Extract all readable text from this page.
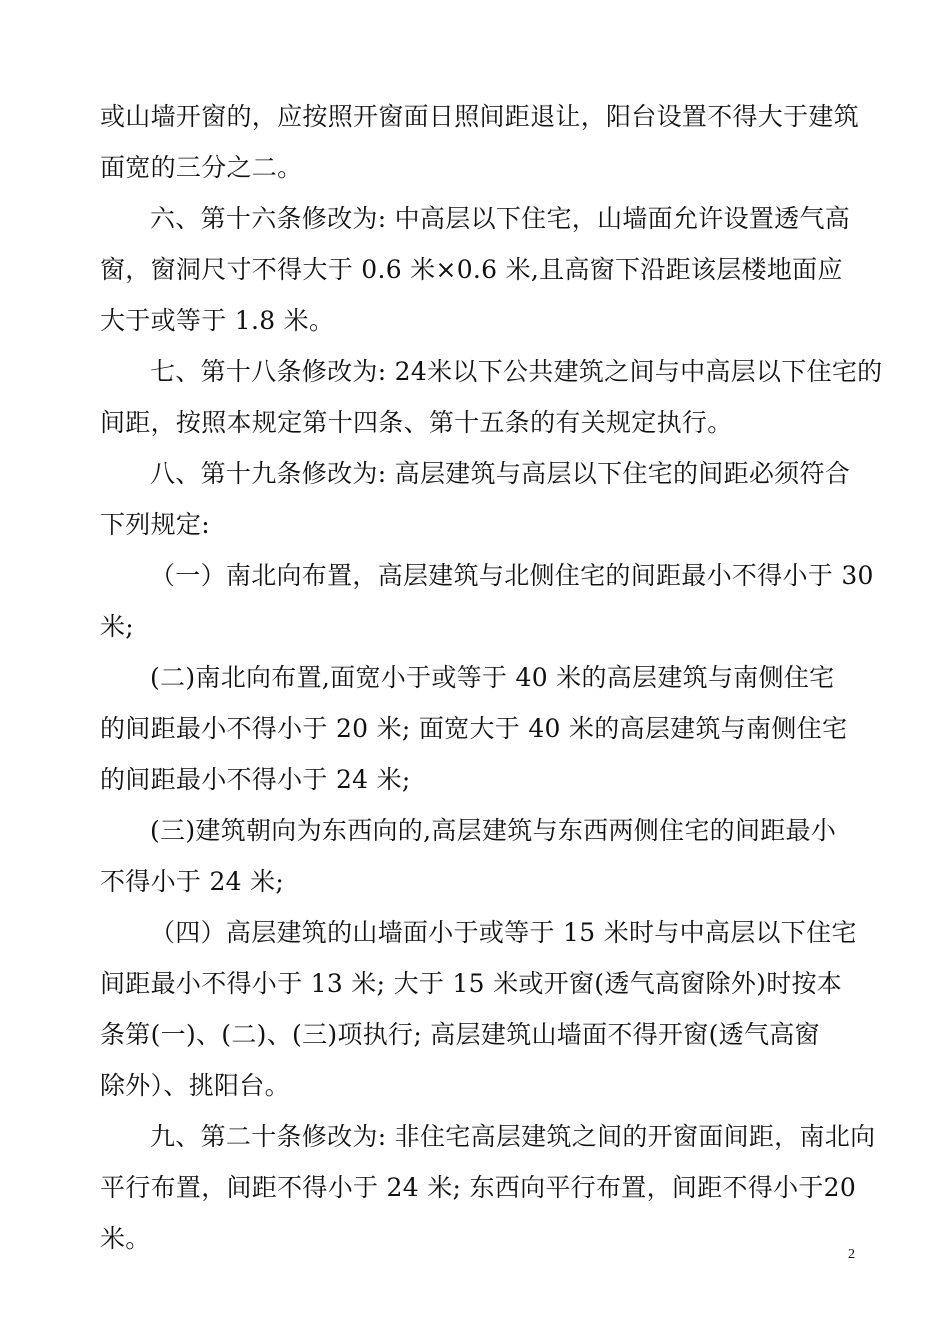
或山墙开窗的，应按照开窗面日照间距退让，阳台设置不得大于建筑
面宽的三分之二。
六、第十六条修改为: 中高层以下住宅，山墙面允许设置透气高
窗，窗洞尺寸不得大于 0.6 米×0.6 米,且高窗下沿距该层楼地面应
大于或等于 1.8 米。
七、第十八条修改为: 24米以下公共建筑之间与中高层以下住宅的
间距，按照本规定第十四条、第十五条的有关规定执行。
八、第十九条修改为: 高层建筑与高层以下住宅的间距必须符合
下列规定:
（一）南北向布置，高层建筑与北侧住宅的间距最小不得小于 30
米;
(二)南北向布置,面宽小于或等于 40 米的高层建筑与南侧住宅
的间距最小不得小于 20 米; 面宽大于 40 米的高层建筑与南侧住宅
的间距最小不得小于 24 米;
(三)建筑朝向为东西向的,高层建筑与东西两侧住宅的间距最小
不得小于 24 米;
（四）高层建筑的山墙面小于或等于 15 米时与中高层以下住宅
间距最小不得小于 13 米; 大于 15 米或开窗(透气高窗除外)时按本
条第(一)、(二)、(三)项执行; 高层建筑山墙面不得开窗(透气高窗
除外）、挑阳台。
九、第二十条修改为: 非住宅高层建筑之间的开窗面间距，南北向
平行布置，间距不得小于 24 米; 东西向平行布置，间距不得小于20
米。
2
